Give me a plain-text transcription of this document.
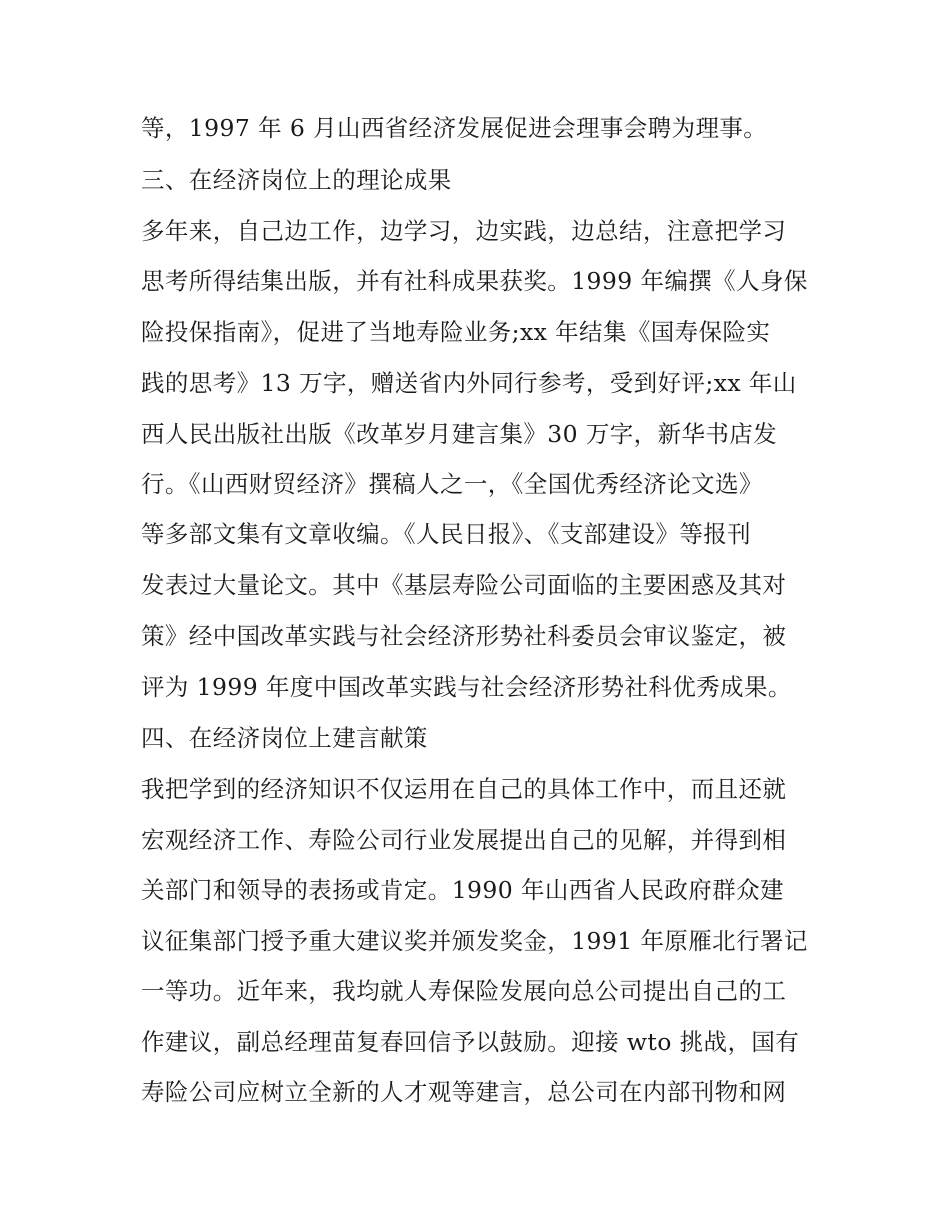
等，1997 年 6 月山西省经济发展促进会理事会聘为理事。
三、在经济岗位上的理论成果
多年来，自己边工作，边学习，边实践，边总结，注意把学习
思考所得结集出版，并有社科成果获奖。1999 年编撰《人身保
险投保指南》，促进了当地寿险业务;xx 年结集《国寿保险实
践的思考》13 万字，赠送省内外同行参考，受到好评;xx 年山
西人民出版社出版《改革岁月建言集》30 万字，新华书店发
行。《山西财贸经济》撰稿人之一，《全国优秀经济论文选》
等多部文集有文章收编。《人民日报》、《支部建设》等报刊
发表过大量论文。其中《基层寿险公司面临的主要困惑及其对
策》经中国改革实践与社会经济形势社科委员会审议鉴定，被
评为 1999 年度中国改革实践与社会经济形势社科优秀成果。
四、在经济岗位上建言献策
我把学到的经济知识不仅运用在自己的具体工作中，而且还就
宏观经济工作、寿险公司行业发展提出自己的见解，并得到相
关部门和领导的表扬或肯定。1990 年山西省人民政府群众建
议征集部门授予重大建议奖并颁发奖金，1991 年原雁北行署记
一等功。近年来，我均就人寿保险发展向总公司提出自己的工
作建议，副总经理苗复春回信予以鼓励。迎接 wto 挑战，国有
寿险公司应树立全新的人才观等建言，总公司在内部刊物和网
